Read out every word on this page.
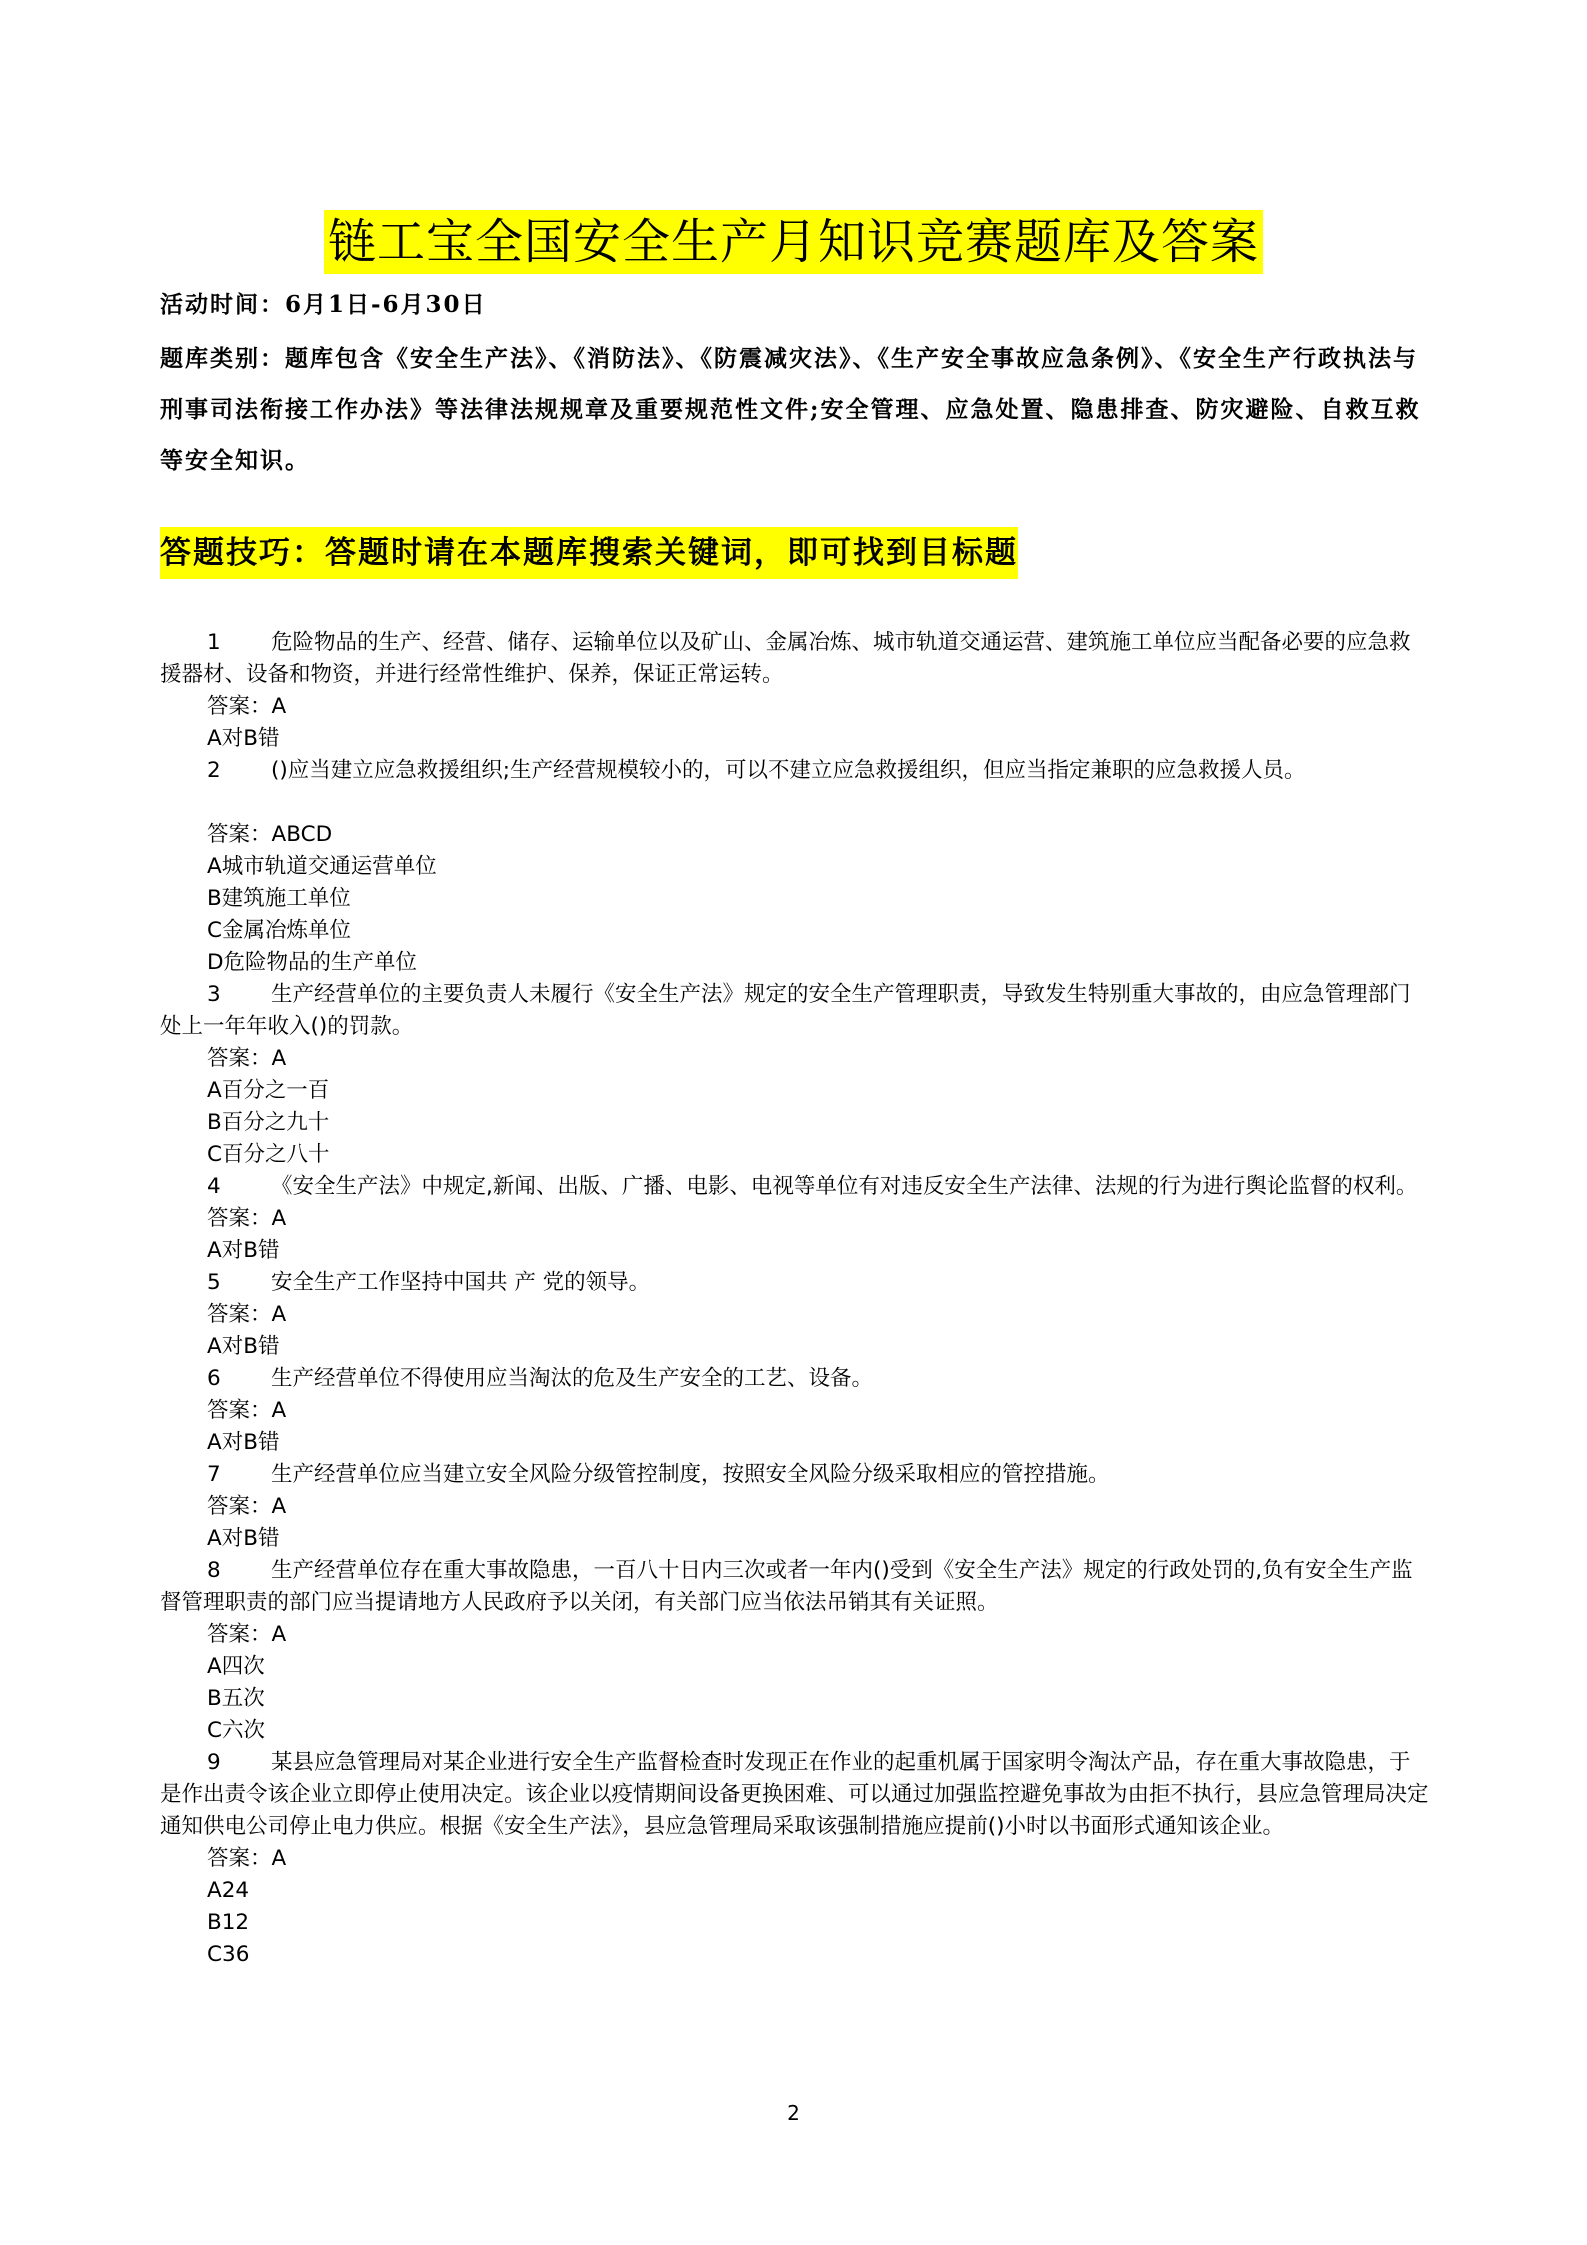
链工宝全国安全生产月知识竞赛题库及答案
活动时间：6月1日-6月30日
题库类别：题库包含《安全生产法》、《消防法》、《防震减灾法》、《生产安全事故应急条例》、《安全生产行政执法与刑事司法衔接工作办法》等法律法规规章及重要规范性文件;安全管理、应急处置、隐患排查、防灾避险、自救互救等安全知识。
答题技巧：答题时请在本题库搜索关键词，即可找到目标题
1 危险物品的生产、经营、储存、运输单位以及矿山、金属冶炼、城市轨道交通运营、建筑施工单位应当配备必要的应急救援器材、设备和物资，并进行经常性维护、保养，保证正常运转。
答案：A
A对B错
2 ()应当建立应急救援组织;生产经营规模较小的，可以不建立应急救援组织，但应当指定兼职的应急救援人员。
答案：ABCD
A城市轨道交通运营单位
B建筑施工单位
C金属冶炼单位
D危险物品的生产单位
3 生产经营单位的主要负责人未履行《安全生产法》规定的安全生产管理职责，导致发生特别重大事故的，由应急管理部门处上一年年收入()的罚款。
答案：A
A百分之一百
B百分之九十
C百分之八十
4 《安全生产法》中规定,新闻、出版、广播、电影、电视等单位有对违反安全生产法律、法规的行为进行舆论监督的权利。
答案：A
A对B错
5 安全生产工作坚持中国共 产 党的领导。
答案：A
A对B错
6 生产经营单位不得使用应当淘汰的危及生产安全的工艺、设备。
答案：A
A对B错
7 生产经营单位应当建立安全风险分级管控制度，按照安全风险分级采取相应的管控措施。
答案：A
A对B错
8 生产经营单位存在重大事故隐患，一百八十日内三次或者一年内()受到《安全生产法》规定的行政处罚的,负有安全生产监督管理职责的部门应当提请地方人民政府予以关闭，有关部门应当依法吊销其有关证照。
答案：A
A四次
B五次
C六次
9 某县应急管理局对某企业进行安全生产监督检查时发现正在作业的起重机属于国家明令淘汰产品，存在重大事故隐患，于是作出责令该企业立即停止使用决定。该企业以疫情期间设备更换困难、可以通过加强监控避免事故为由拒不执行，县应急管理局决定通知供电公司停止电力供应。根据《安全生产法》，县应急管理局采取该强制措施应提前()小时以书面形式通知该企业。
答案：A
A24
B12
C36
2
